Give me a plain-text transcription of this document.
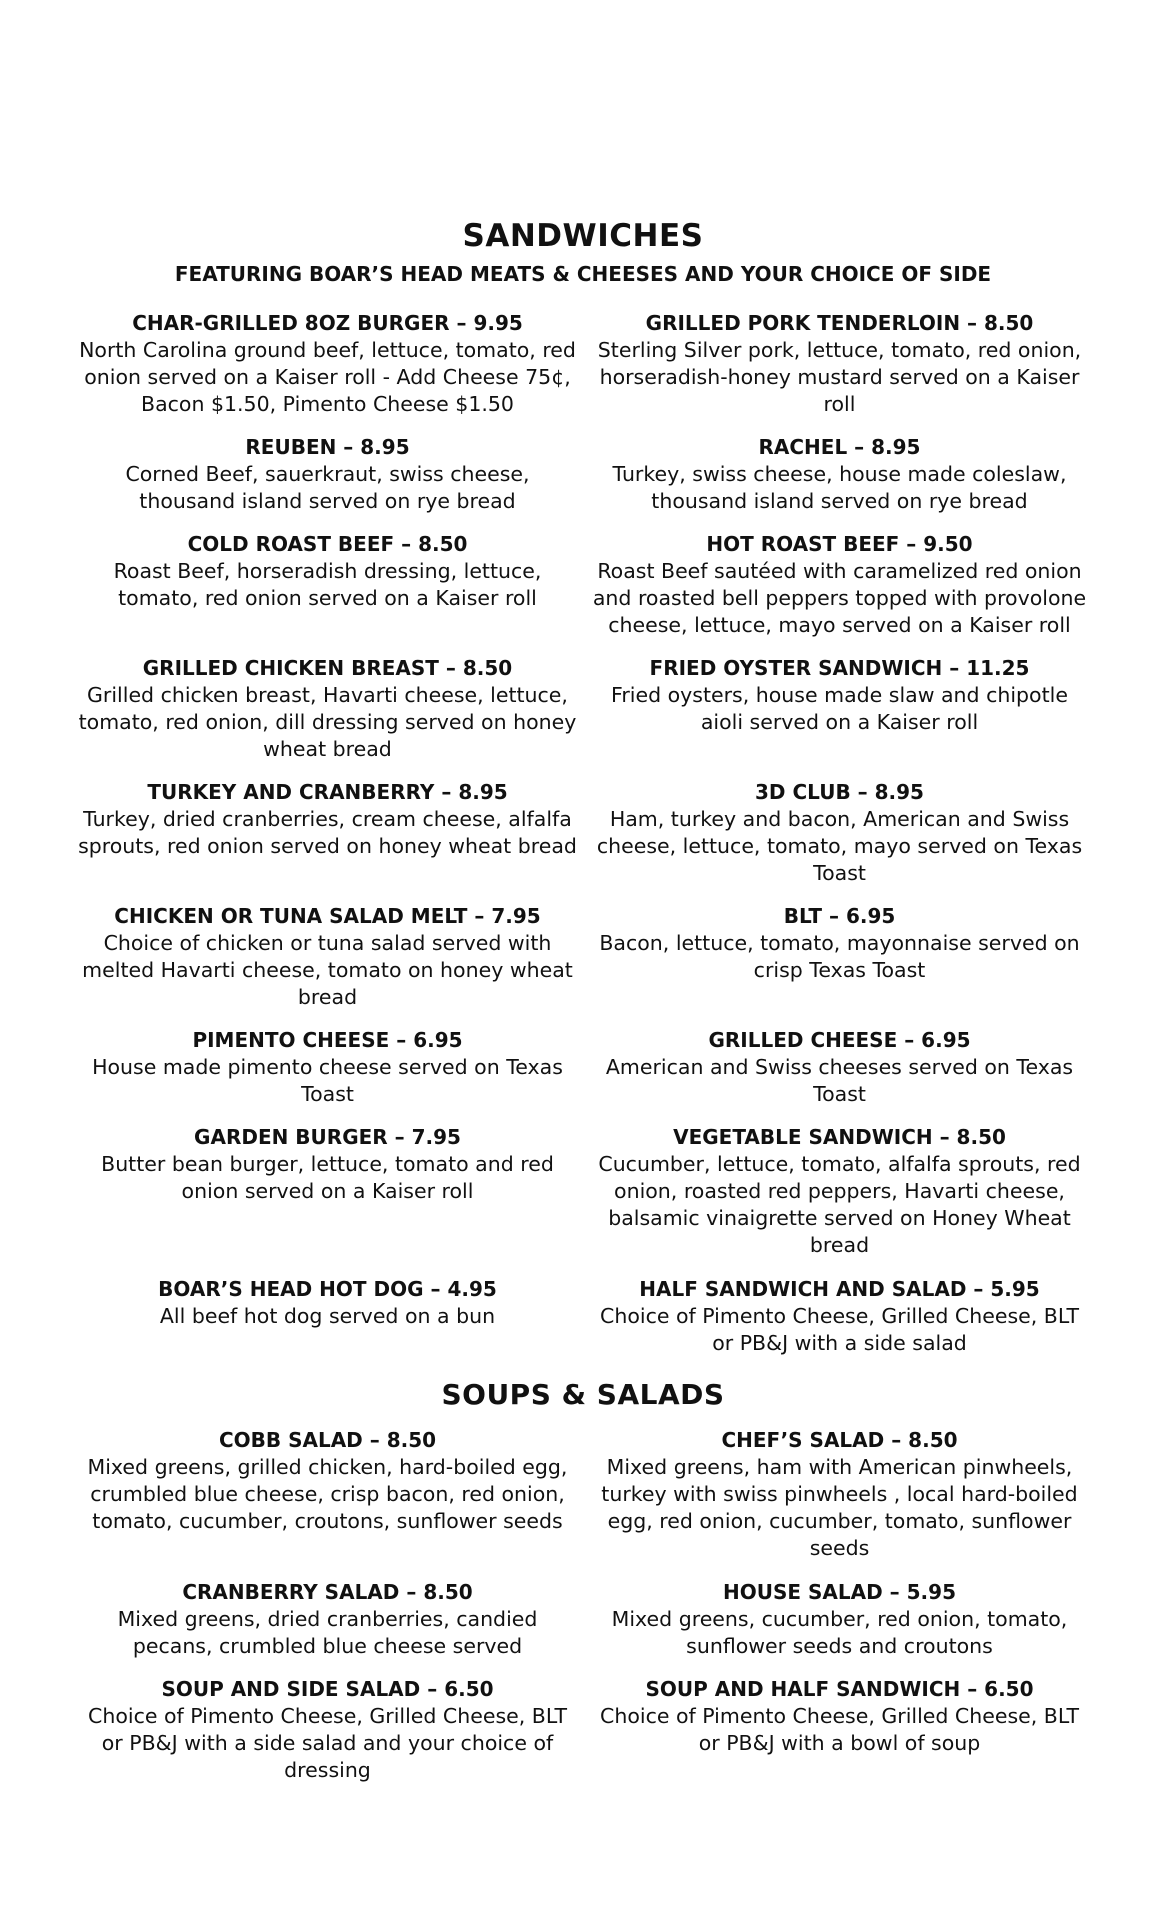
SANDWICHES
FEATURING BOAR’S HEAD MEATS & CHEESES AND YOUR CHOICE OF SIDE
CHAR-GRILLED 8OZ BURGER – 9.95
North Carolina ground beef, lettuce, tomato, red onion served on a Kaiser roll - Add Cheese 75¢, Bacon $1.50, Pimento Cheese $1.50
GRILLED PORK TENDERLOIN – 8.50
Sterling Silver pork, lettuce, tomato, red onion, horseradish-honey mustard served on a Kaiser roll
REUBEN – 8.95
Corned Beef, sauerkraut, swiss cheese, thousand island served on rye bread
RACHEL – 8.95
Turkey, swiss cheese, house made coleslaw, thousand island served on rye bread
COLD ROAST BEEF – 8.50
Roast Beef, horseradish dressing, lettuce, tomato, red onion served on a Kaiser roll
HOT ROAST BEEF – 9.50
Roast Beef sautéed with caramelized red onion and roasted bell peppers topped with provolone cheese, lettuce, mayo served on a Kaiser roll
GRILLED CHICKEN BREAST – 8.50
Grilled chicken breast, Havarti cheese, lettuce, tomato, red onion, dill dressing served on honey wheat bread
FRIED OYSTER SANDWICH – 11.25
Fried oysters, house made slaw and chipotle aioli served on a Kaiser roll
TURKEY AND CRANBERRY – 8.95
Turkey, dried cranberries, cream cheese, alfalfa sprouts, red onion served on honey wheat bread
3D CLUB – 8.95
Ham, turkey and bacon, American and Swiss cheese, lettuce, tomato, mayo served on Texas Toast
CHICKEN OR TUNA SALAD MELT – 7.95
Choice of chicken or tuna salad served with melted Havarti cheese, tomato on honey wheat bread
BLT – 6.95
Bacon, lettuce, tomato, mayonnaise served on crisp Texas Toast
PIMENTO CHEESE – 6.95
House made pimento cheese served on Texas Toast
GRILLED CHEESE – 6.95
American and Swiss cheeses served on Texas Toast
GARDEN BURGER – 7.95
Butter bean burger, lettuce, tomato and red onion served on a Kaiser roll
VEGETABLE SANDWICH – 8.50
Cucumber, lettuce, tomato, alfalfa sprouts, red onion, roasted red peppers, Havarti cheese, balsamic vinaigrette served on Honey Wheat bread
BOAR’S HEAD HOT DOG – 4.95
All beef hot dog served on a bun
HALF SANDWICH AND SALAD – 5.95
Choice of Pimento Cheese, Grilled Cheese, BLT or PB&J with a side salad
SOUPS & SALADS
COBB SALAD – 8.50
Mixed greens, grilled chicken, hard-boiled egg, crumbled blue cheese, crisp bacon, red onion, tomato, cucumber, croutons, sunflower seeds
CHEF’S SALAD – 8.50
Mixed greens, ham with American pinwheels, turkey with swiss pinwheels , local hard-boiled egg, red onion, cucumber, tomato, sunflower seeds
CRANBERRY SALAD – 8.50
Mixed greens, dried cranberries, candied pecans, crumbled blue cheese served
HOUSE SALAD – 5.95
Mixed greens, cucumber, red onion, tomato, sunflower seeds and croutons
SOUP AND SIDE SALAD – 6.50
Choice of Pimento Cheese, Grilled Cheese, BLT or PB&J with a side salad and your choice of dressing
SOUP AND HALF SANDWICH – 6.50
Choice of Pimento Cheese, Grilled Cheese, BLT or PB&J with a bowl of soup
